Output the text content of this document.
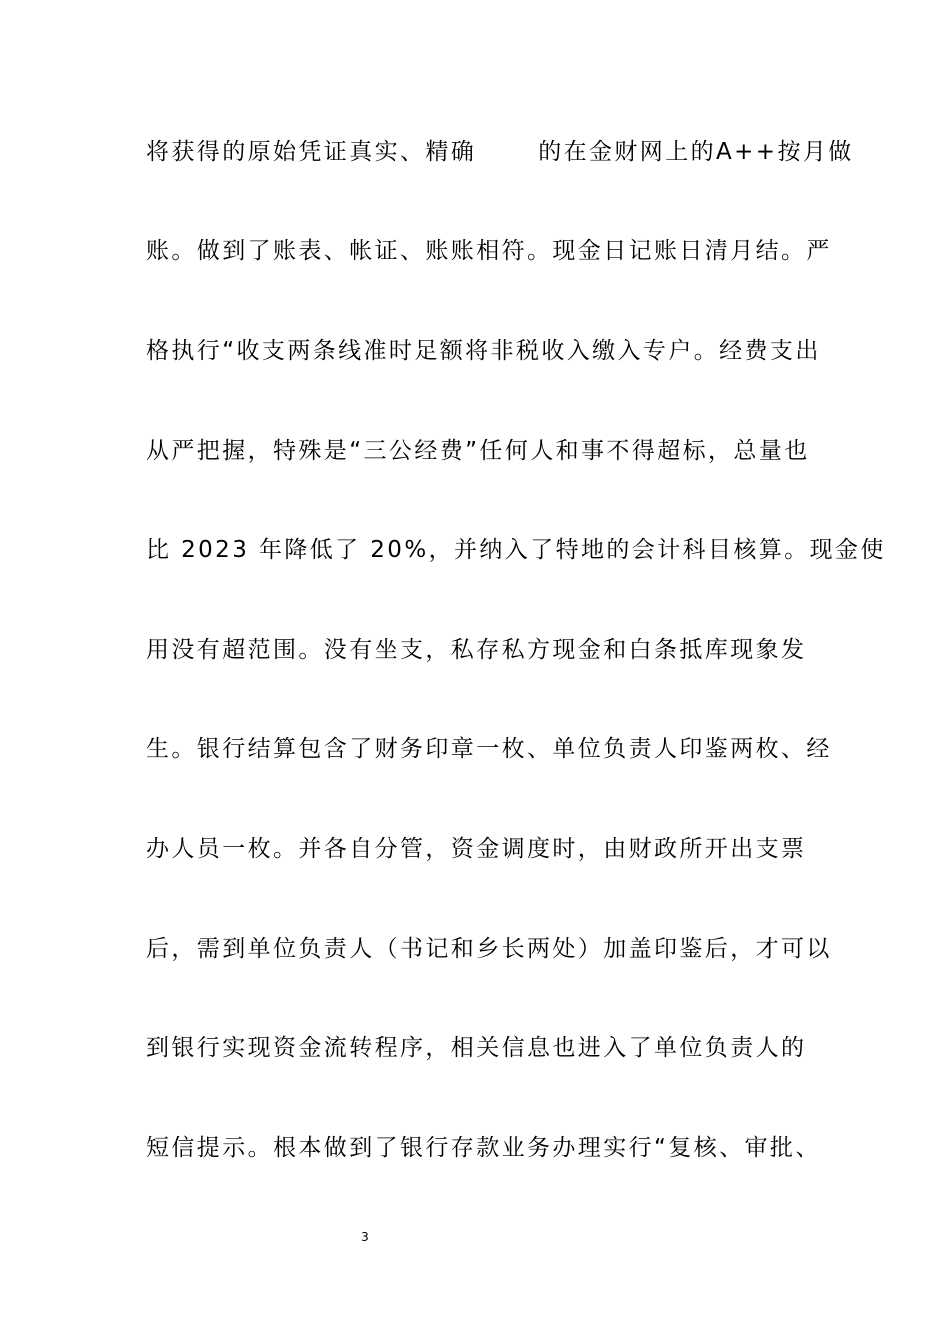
将获得的原始凭证真实、精确	的在金财网上的A++按月做
账。做到了账表、帐证、账账相符。现金日记账日清月结。严
格执行“收支两条线准时足额将非税收入缴入专户。经费支出
从严把握，特殊是“三公经费”任何人和事不得超标，总量也
比 2023 年降低了 20%，并纳入了特地的会计科目核算。现金使
用没有超范围。没有坐支，私存私方现金和白条抵库现象发
生。银行结算包含了财务印章一枚、单位负责人印鉴两枚、经
办人员一枚。并各自分管，资金调度时，由财政所开出支票
后，需到单位负责人（书记和乡长两处）加盖印鉴后，才可以
到银行实现资金流转程序，相关信息也进入了单位负责人的
短信提示。根本做到了银行存款业务办理实行“复核、审批、
3
